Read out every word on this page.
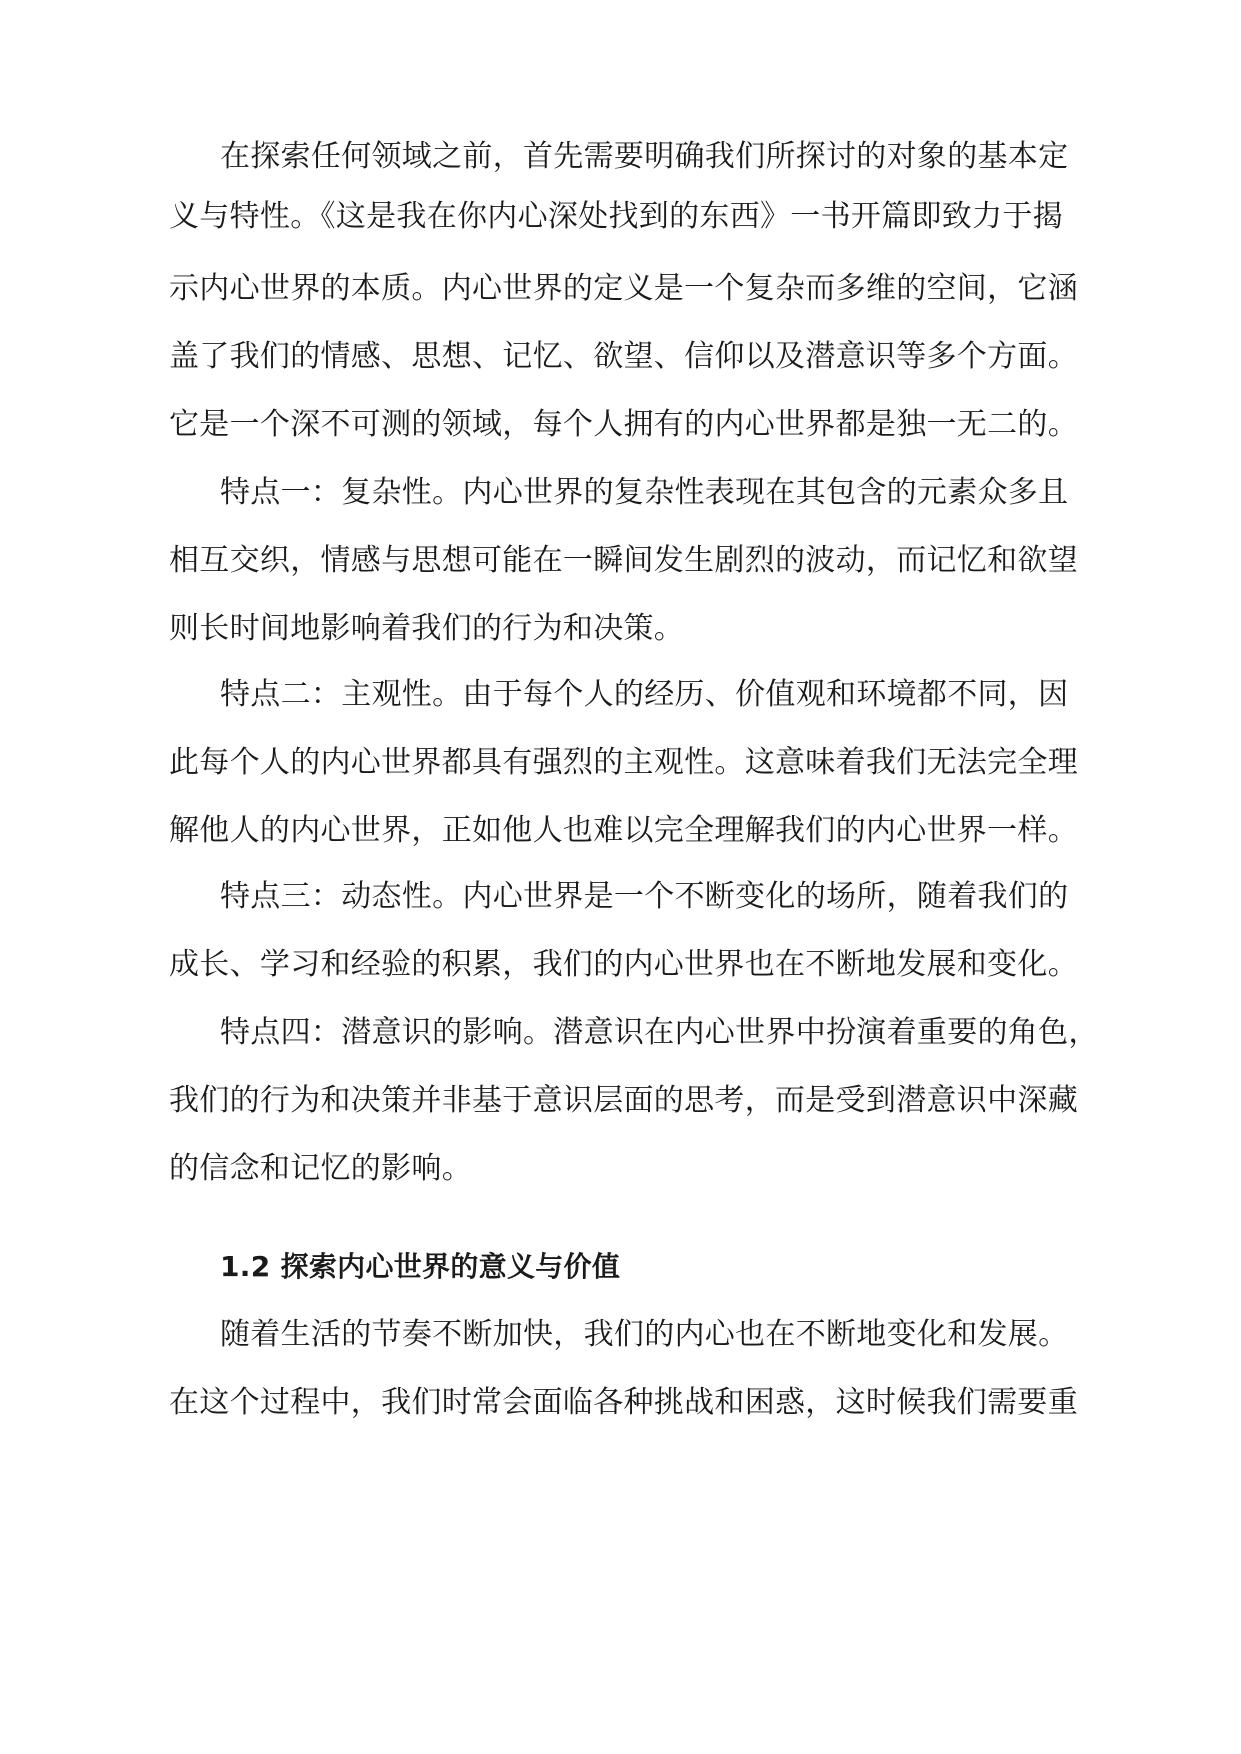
在探索任何领域之前，首先需要明确我们所探讨的对象的基本定
义与特性。《这是我在你内心深处找到的东西》一书开篇即致力于揭
示内心世界的本质。内心世界的定义是一个复杂而多维的空间，它涵
盖了我们的情感、思想、记忆、欲望、信仰以及潜意识等多个方面。
它是一个深不可测的领域，每个人拥有的内心世界都是独一无二的。
特点一：复杂性。内心世界的复杂性表现在其包含的元素众多且
相互交织，情感与思想可能在一瞬间发生剧烈的波动，而记忆和欲望
则长时间地影响着我们的行为和决策。
特点二：主观性。由于每个人的经历、价值观和环境都不同，因
此每个人的内心世界都具有强烈的主观性。这意味着我们无法完全理
解他人的内心世界，正如他人也难以完全理解我们的内心世界一样。
特点三：动态性。内心世界是一个不断变化的场所，随着我们的
成长、学习和经验的积累，我们的内心世界也在不断地发展和变化。
特点四：潜意识的影响。潜意识在内心世界中扮演着重要的角色，
我们的行为和决策并非基于意识层面的思考，而是受到潜意识中深藏
的信念和记忆的影响。
1.2 探索内心世界的意义与价值
随着生活的节奏不断加快，我们的内心也在不断地变化和发展。
在这个过程中，我们时常会面临各种挑战和困惑，这时候我们需要重
